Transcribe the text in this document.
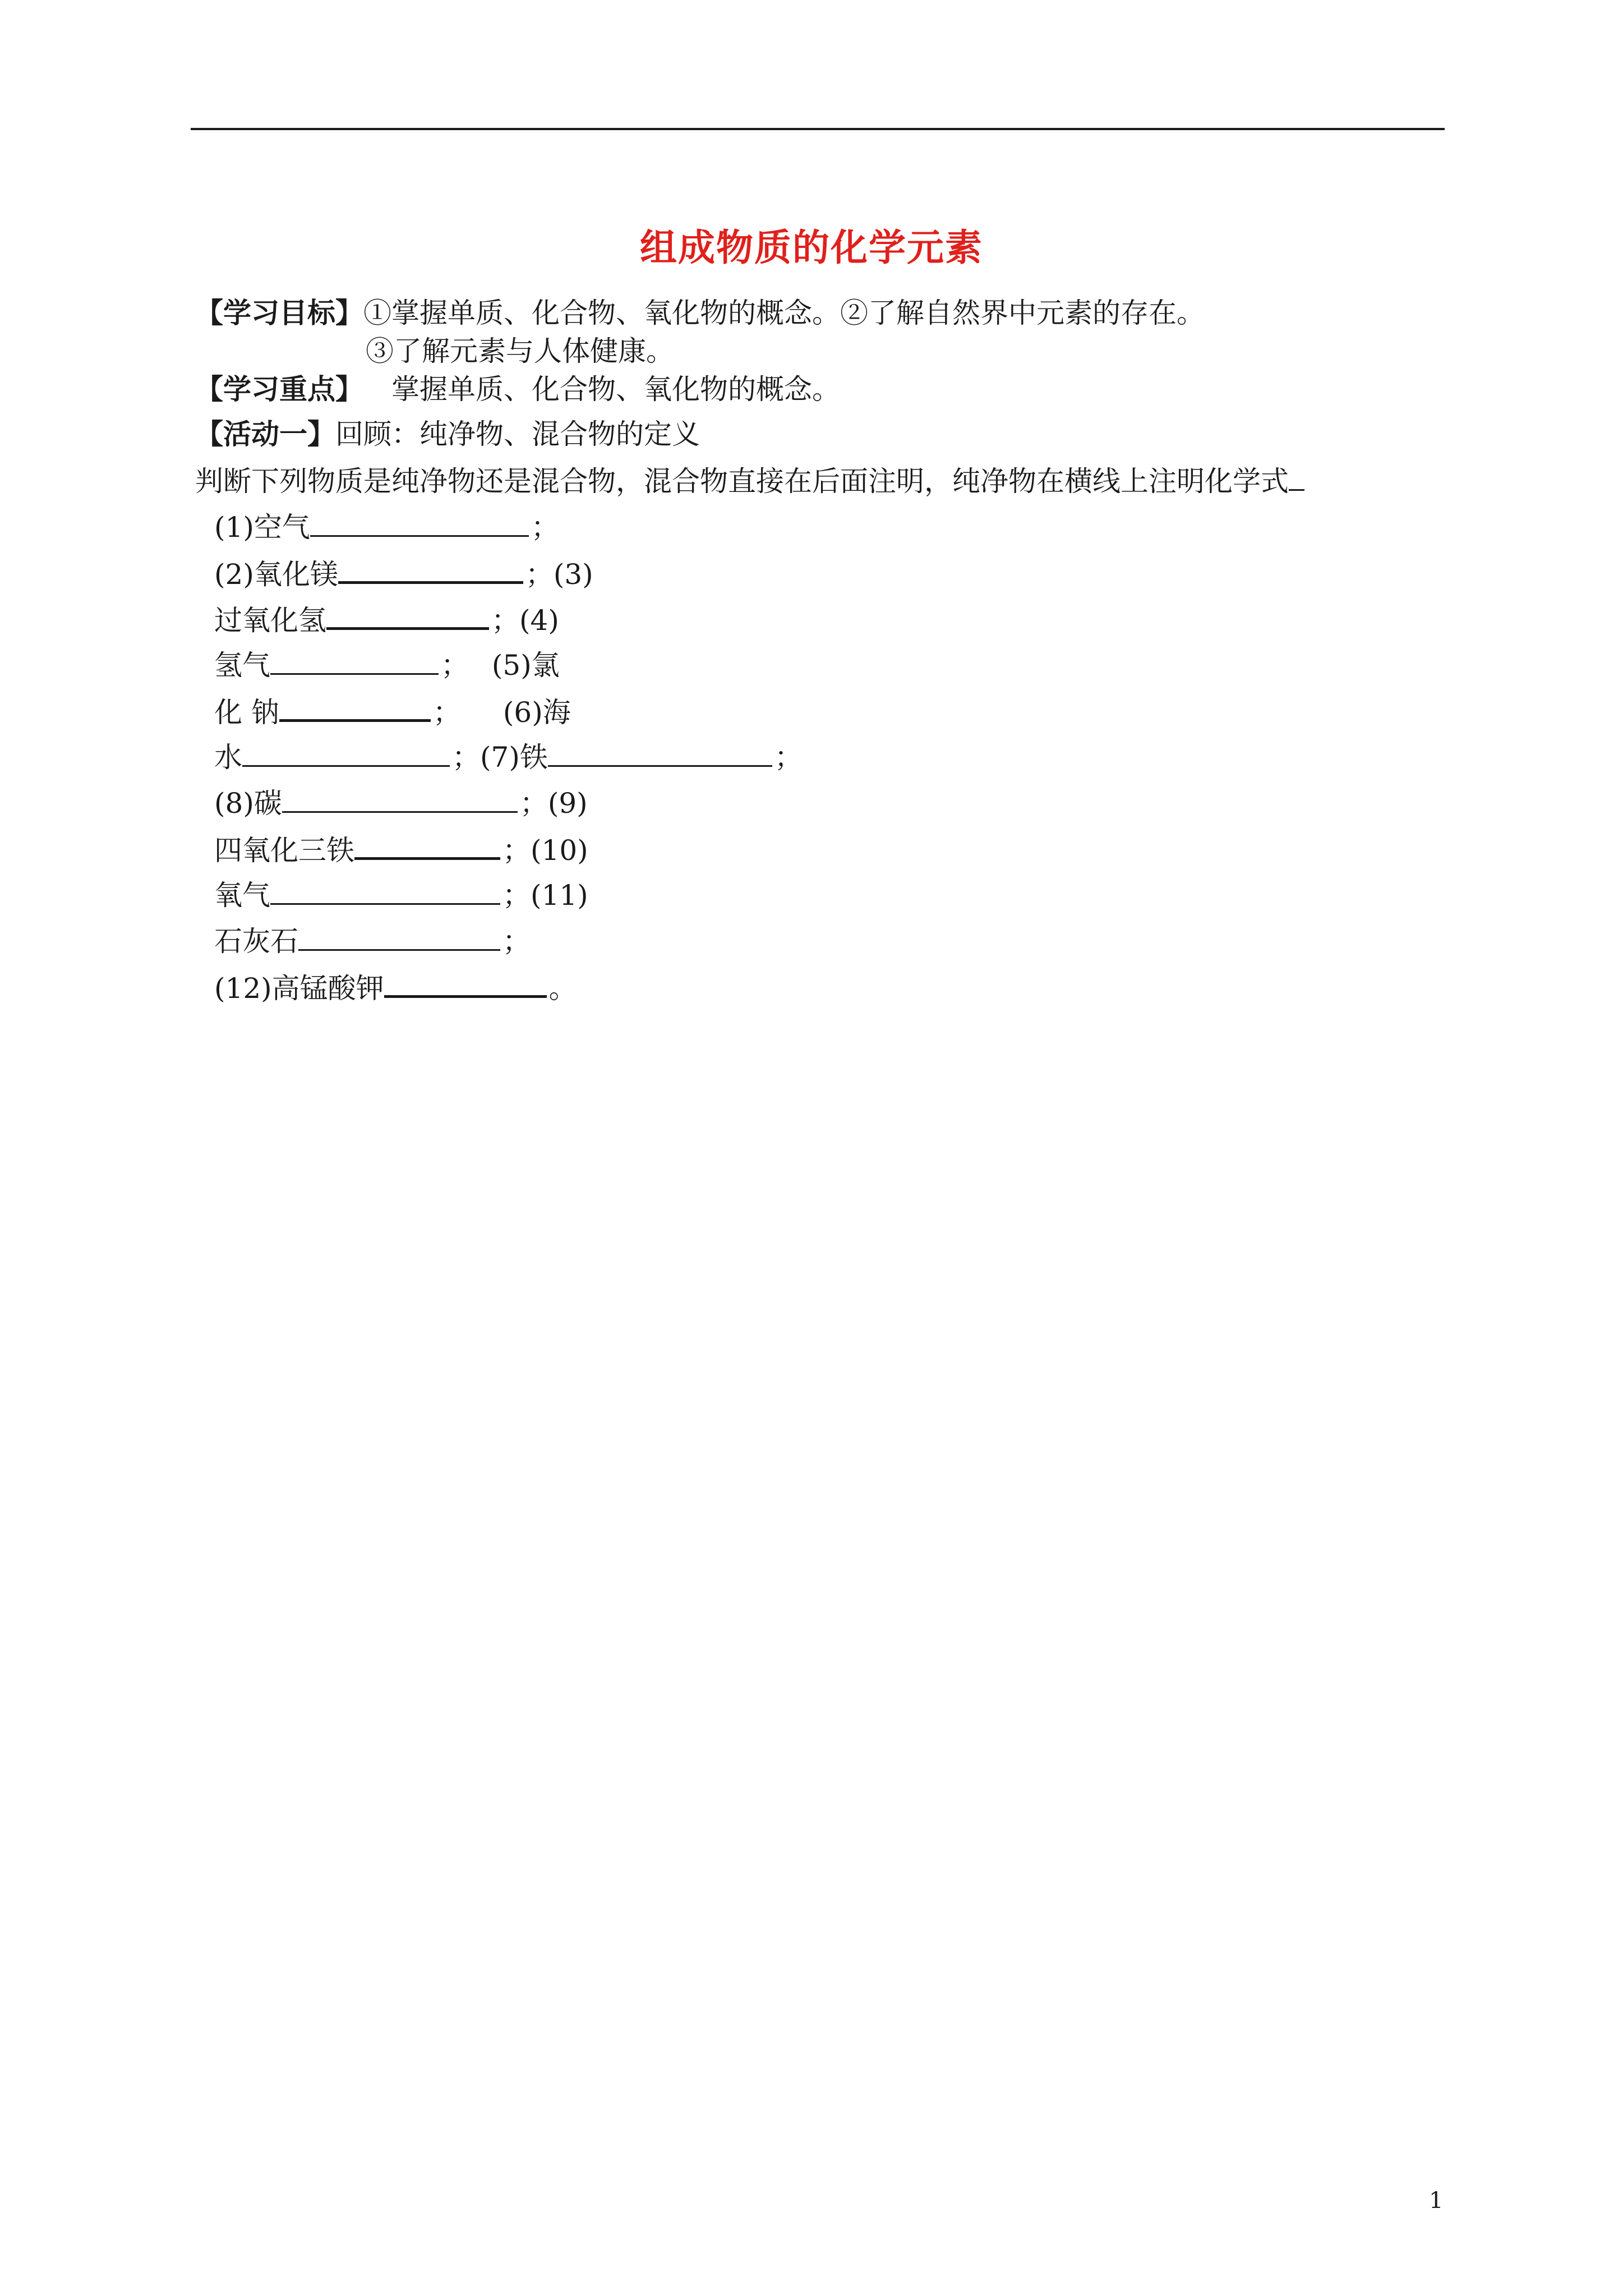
组成物质的化学元素
【学习目标】①掌握单质、化合物、氧化物的概念。②了解自然界中元素的存在。
③了解元素与人体健康。
【学习重点】 掌握单质、化合物、氧化物的概念。
【活动一】回顾：纯净物、混合物的定义
判断下列物质是纯净物还是混合物，混合物直接在后面注明，纯净物在横线上注明化学式
(1)空气	；
(2)氧化镁	；(3)
过氧化氢	；(4)
氢气	；　 (5)氯
化 钠	；　　(6)海
水	；(7)铁	；
(8)碳	；(9)
四氧化三铁	；(10)
氧气	；(11)
石灰石	；
(12)高锰酸钾	。
1
